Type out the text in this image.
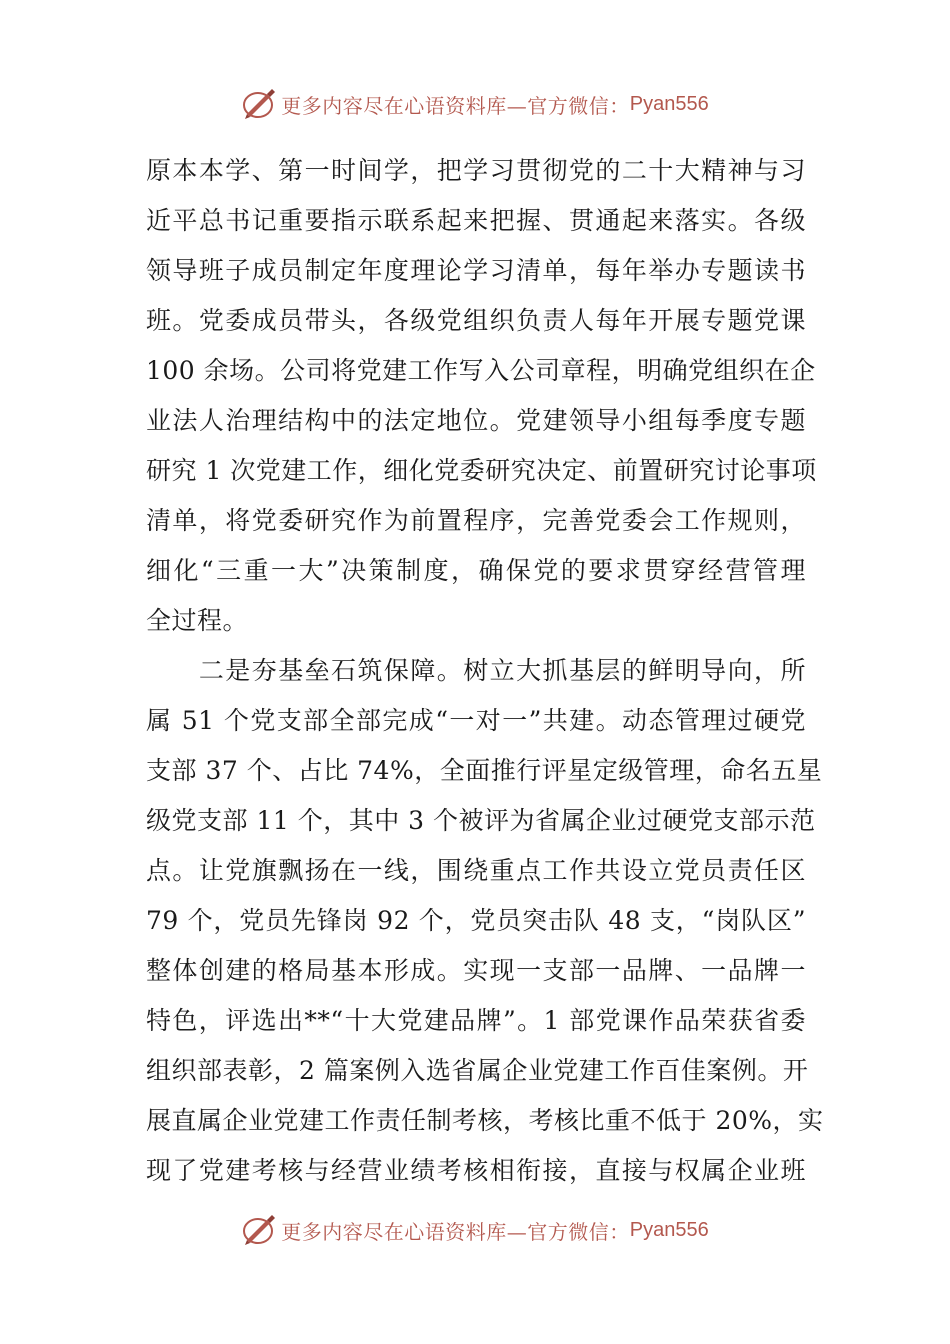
更多内容尽在心语资料库—官方微信： Pyan556
原本本学、第一时间学，把学习贯彻党的二十大精神与习
近平总书记重要指示联系起来把握、贯通起来落实。各级
领导班子成员制定年度理论学习清单，每年举办专题读书
班。党委成员带头，各级党组织负责人每年开展专题党课
100 余场。公司将党建工作写入公司章程，明确党组织在企
业法人治理结构中的法定地位。党建领导小组每季度专题
研究 1 次党建工作，细化党委研究决定、前置研究讨论事项
清单，将党委研究作为前置程序，完善党委会工作规则，
细化“三重一大”决策制度，确保党的要求贯穿经营管理
全过程。
　　二是夯基垒石筑保障。树立大抓基层的鲜明导向，所
属 51 个党支部全部完成“一对一”共建。动态管理过硬党
支部 37 个、占比 74%，全面推行评星定级管理，命名五星
级党支部 11 个，其中 3 个被评为省属企业过硬党支部示范
点。让党旗飘扬在一线，围绕重点工作共设立党员责任区
79 个，党员先锋岗 92 个，党员突击队 48 支，“岗队区”
整体创建的格局基本形成。实现一支部一品牌、一品牌一
特色，评选出**“十大党建品牌”。1 部党课作品荣获省委
组织部表彰，2 篇案例入选省属企业党建工作百佳案例。开
展直属企业党建工作责任制考核，考核比重不低于 20%，实
现了党建考核与经营业绩考核相衔接，直接与权属企业班
更多内容尽在心语资料库—官方微信： Pyan556
